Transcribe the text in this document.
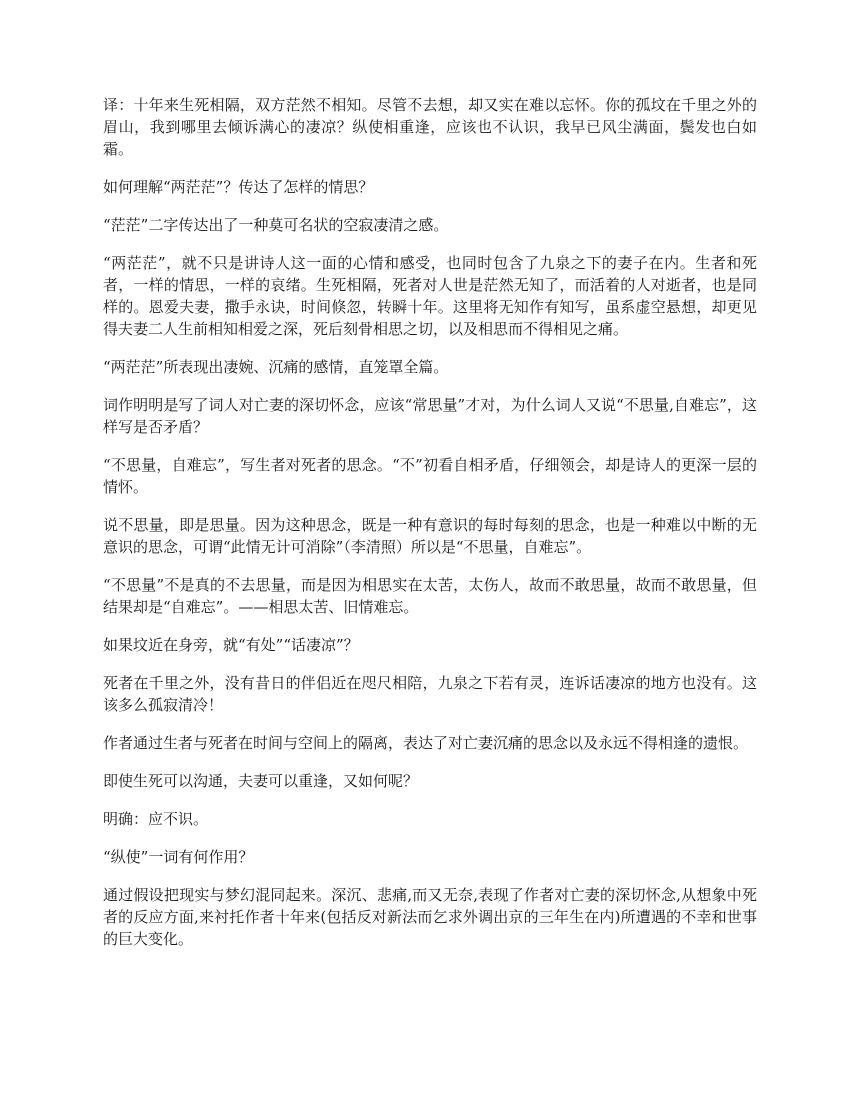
译：十年来生死相隔，双方茫然不相知。尽管不去想，却又实在难以忘怀。你的孤坟在千里之外的眉山，我到哪里去倾诉满心的凄凉？纵使相重逢，应该也不认识，我早已风尘满面，鬓发也白如霜。

如何理解“两茫茫”？传达了怎样的情思？

“茫茫”二字传达出了一种莫可名状的空寂凄清之感。

“两茫茫”，就不只是讲诗人这一面的心情和感受，也同时包含了九泉之下的妻子在内。生者和死者，一样的情思，一样的哀绪。生死相隔，死者对人世是茫然无知了，而活着的人对逝者，也是同样的。恩爱夫妻，撒手永诀，时间倏忽，转瞬十年。这里将无知作有知写，虽系虚空悬想，却更见得夫妻二人生前相知相爱之深，死后刻骨相思之切，以及相思而不得相见之痛。

“两茫茫”所表现出凄婉、沉痛的感情，直笼罩全篇。

词作明明是写了词人对亡妻的深切怀念，应该“常思量”才对，为什么词人又说“不思量,自难忘”，这样写是否矛盾？

“不思量，自难忘”，写生者对死者的思念。“不”初看自相矛盾，仔细领会，却是诗人的更深一层的情怀。

说不思量，即是思量。因为这种思念，既是一种有意识的每时每刻的思念，也是一种难以中断的无意识的思念，可谓“此情无计可消除”（李清照）所以是“不思量，自难忘”。

“不思量”不是真的不去思量，而是因为相思实在太苦，太伤人，故而不敢思量，故而不敢思量，但结果却是“自难忘”。——相思太苦、旧情难忘。

如果坟近在身旁，就“有处”“话凄凉”？

死者在千里之外，没有昔日的伴侣近在咫尺相陪，九泉之下若有灵，连诉话凄凉的地方也没有。这该多么孤寂清冷！

作者通过生者与死者在时间与空间上的隔离，表达了对亡妻沉痛的思念以及永远不得相逢的遗恨。

即使生死可以沟通，夫妻可以重逢，又如何呢？

明确：应不识。

“纵使”一词有何作用？

通过假设把现实与梦幻混同起来。深沉、悲痛,而又无奈,表现了作者对亡妻的深切怀念,从想象中死者的反应方面,来衬托作者十年来(包括反对新法而乞求外调出京的三年生在内)所遭遇的不幸和世事的巨大变化。
